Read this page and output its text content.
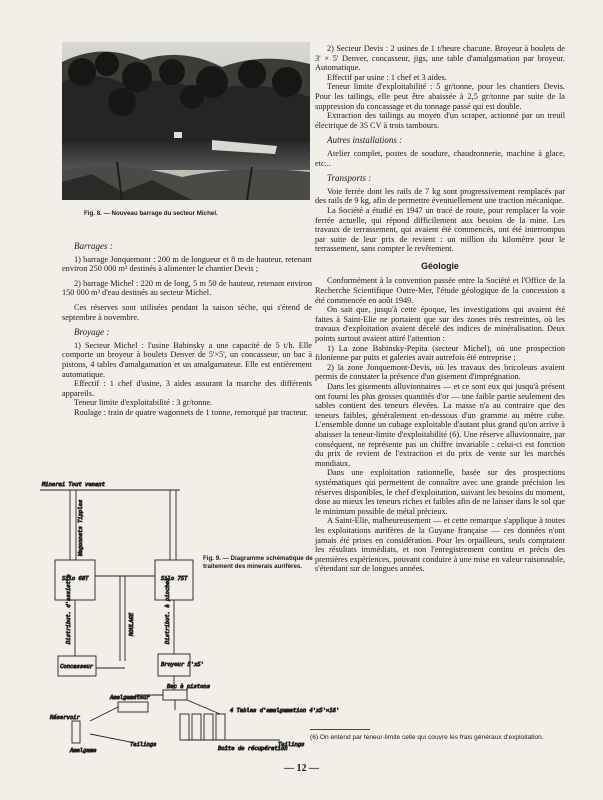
Fig. 8. — Nouveau barrage du secteur Michel.
Barrages :

1) barrage Jonquemont : 200 m de longueur et 8 m de hauteur, retenant environ 250 000 m³ destinés à alimenter le chantier Devis ;

2) barrage Michel : 220 m de long, 5 m 50 de hauteur, retenant environ 150 000 m³ d'eau destinés au secteur Michel.

Ces réserves sont utilisées pendant la saison sèche, qui s'étend de septembre à novembre.

Broyage :

1) Secteur Michel : l'usine Babinsky a une capacité de 5 t/h. Elle comporte un broyeur à boulets Denver de 5'×5', un concasseur, un bac à pistons, 4 tables d'amalgamation et un amalgamateur. Elle est entièrement automatique.

Effectif : 1 chef d'usine, 3 aides assurant la marche des différents appareils.

Teneur limite d'exploitabilité : 3 gr/tonne.

Roulage : train de quatre wagonnets de 1 tonne, remorqué par tracteur.

Minerai Tout venant
Wagonnets Tipples
Silo 60T	Silo 75T
Distribut. d'assiette	Distribut. à pioches
ROULAGE
Concasseur	Broyeur 5'x5'
Bac à pistons
Amalgamateur
4 Tables d'amalgamation 4'x5'×16'
Boîte de récupération
Tailings
Réservoir
Amalgame
Tailings
Fig. 9. — Diagramme schématique de traitement des minerais aurifères.

2) Secteur Devis : 2 usines de 1 t/heure chacune. Broyeur à boulets de 3' × 5' Denver, concasseur, jigs, une table d'amalgamation par broyeur. Automatique.

Effectif par usine : 1 chef et 3 aides.

Teneur limite d'exploitabilité : 5 gr/tonne, pour les chantiers Devis. Pour les tailings, elle peut être abaissée à 2,5 gr/tonne par suite de la suppression du concassage et du tonnage passé qui est double.

Extraction des tailings au moyen d'un scraper, actionné par un treuil électrique de 35 CV à trois tambours.

Autres installations :

Atelier complet, postes de soudure, chaudronnerie, machine à glace, etc...

Transports :

Voie ferrée dont les rails de 7 kg sont progressivement remplacés par des rails de 9 kg, afin de permettre éventuellement une traction mécanique.

La Société a étudié en 1947 un tracé de route, pour remplacer la voie ferrée actuelle, qui répond difficilement aux besoins de la mine. Les travaux de terrassement, qui avaient été commencés, ont été interrompus par suite de leur prix de revient : un million du kilomètre pour le terrassement, sans compter le revêtement.

Géologie

Conformément à la convention passée entre la Société et l'Office de la Recherche Scientifique Outre-Mer, l'étude géologique de la concession a été commencée en août 1949.

On sait que, jusqu'à cette époque, les investigations qui avaient été faites à Saint-Elie ne portaient que sur des zones très restreintes, où les travaux d'exploitation avaient décelé des indices de minéralisation. Deux points surtout avaient attiré l'attention :

1) La zone Babinsky-Pepita (secteur Michel), où une prospection filonienne par puits et galeries avait autrefois été entreprise ;

2) la zone Jonquemont-Devis, où les travaux des bricoleurs avaient permis de constater la présence d'un gisement d'imprégnation.

Dans les gisements alluvionnaires — et ce sont eux qui jusqu'à présent ont fourni les plus grosses quantités d'or — une faible partie seulement des sables contient des teneurs élevées. La masse n'a au contraire que des teneurs faibles, généralement en-dessous d'un gramme au mètre cube. L'ensemble donne un cubage exploitable d'autant plus grand qu'on arrive à abaisser la teneur-limite d'exploitabilité (6). Une réserve alluvionnaire, par conséquent, ne représente pas un chiffre invariable : celui-ci est fonction du prix de revient de l'extraction et du prix de vente sur les marchés mondiaux.

Dans une exploitation rationnelle, basée sur des prospections systématiques qui permettent de connaître avec une grande précision les réserves disponibles, le chef d'exploitation, suivant les besoins du moment, dose au mieux les teneurs riches et faibles afin de ne laisser dans le sol que le minimum possible de métal précieux.

A Saint-Elie, malheureusement — et cette remarque s'applique à toutes les exploitations aurifères de la Guyane française — ces données n'ont jamais été prises en considération. Pour les orpailleurs, seuls comptaient les résultats immédiats, et non l'enregistrement continu et précis des premières expériences, pouvant conduire à une mise en valeur raisonnable, s'étendant sur de longues années.

(6) On entend par teneur-limite celle qui couvre les frais généraux d'exploitation.
— 12 —
